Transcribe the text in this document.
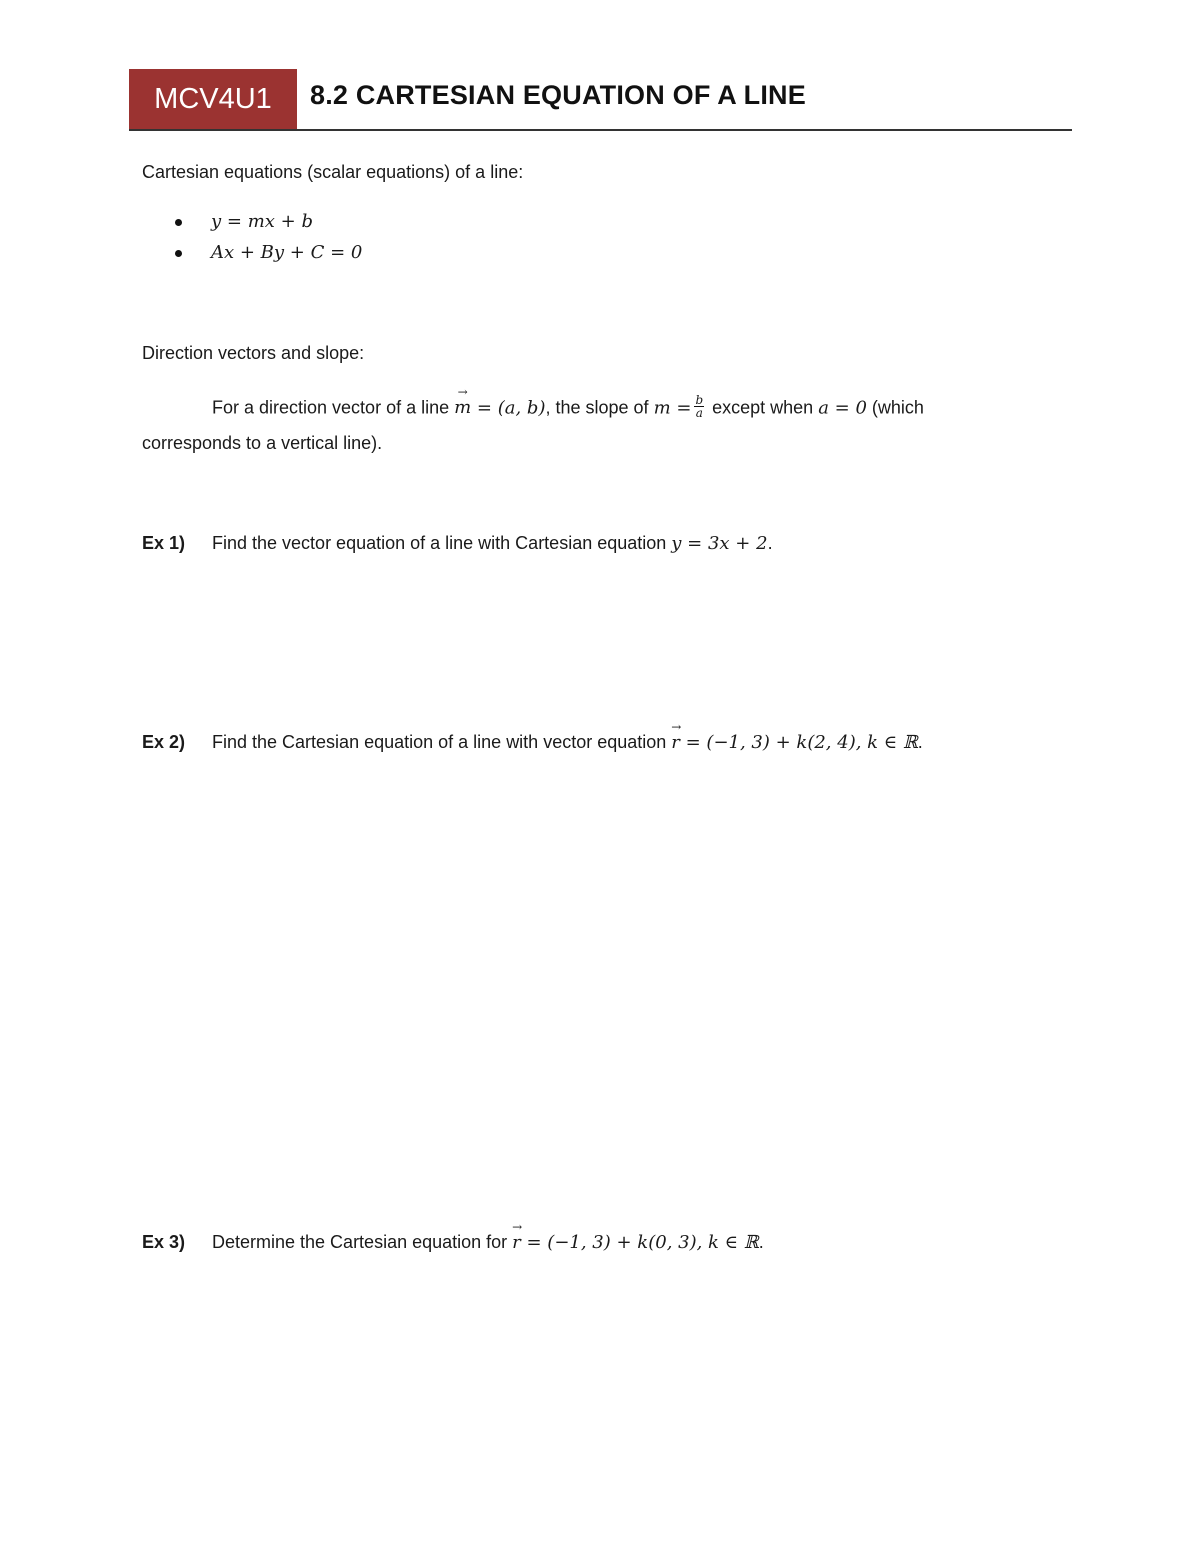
MCV4U1 8.2 CARTESIAN EQUATION OF A LINE
Cartesian equations (scalar equations) of a line:
y = mx + b
Ax + By + C = 0
Direction vectors and slope:
For a direction vector of a line
→
m = (a, b), the slope of $m = \frac{b}{a}$ except when a = 0 (which
corresponds to a vertical line).
Ex 1) Find the vector equation of a line with Cartesian equation y = 3x + 2.
Ex 2) Find the Cartesian equation of a line with vector equation
→
r = (−1, 3) + k(2, 4), k ∈ ℝ.
Ex 3) Determine the Cartesian equation for
→
r = (−1, 3) + k(0, 3), k ∈ ℝ.
